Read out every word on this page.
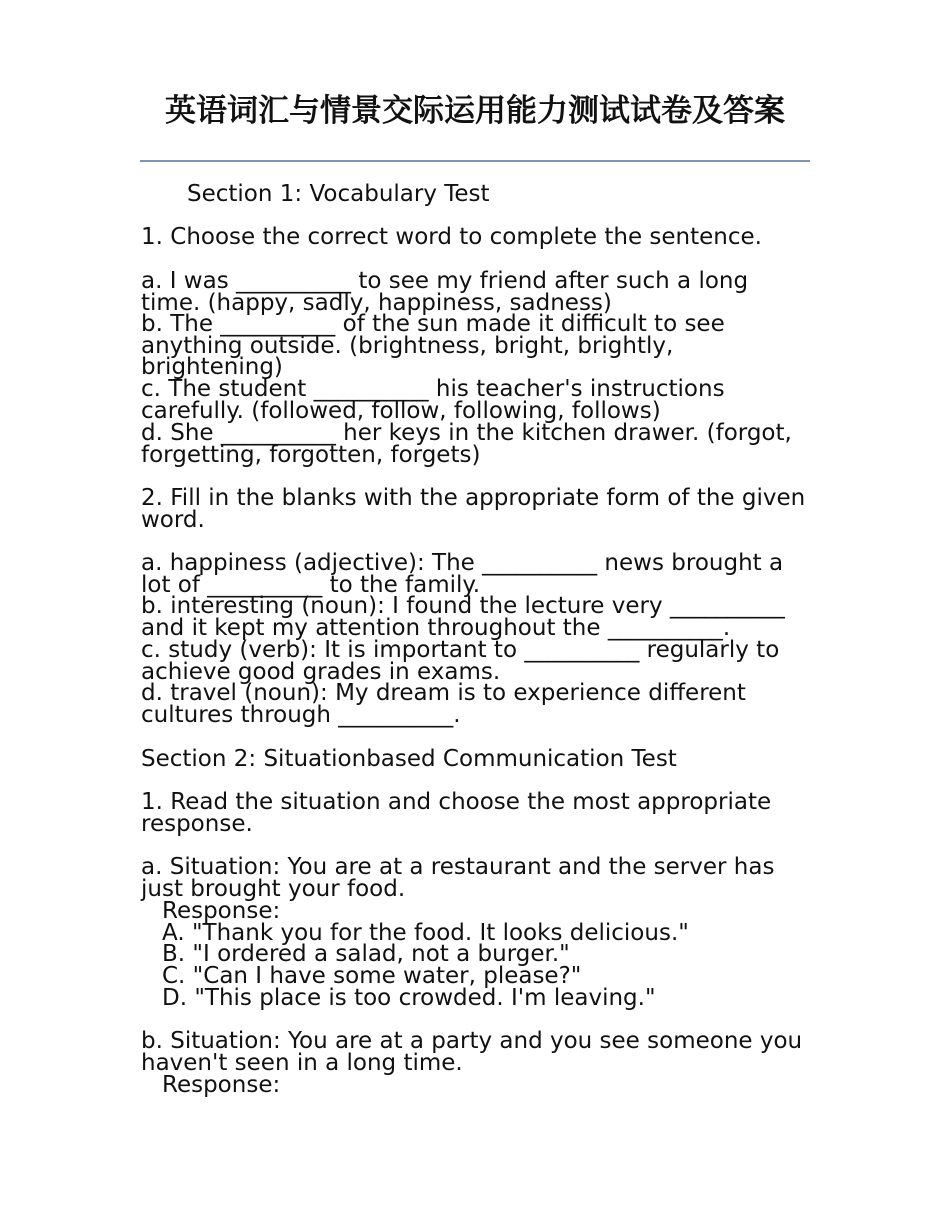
英语词汇与情景交际运用能力测试试卷及答案
Section 1: Vocabulary Test
1. Choose the correct word to complete the sentence.
a. I was __________ to see my friend after such a long time. (happy, sadly, happiness, sadness)
b. The __________ of the sun made it difficult to see anything outside. (brightness, bright, brightly, brightening)
c. The student __________ his teacher's instructions carefully. (followed, follow, following, follows)
d. She __________ her keys in the kitchen drawer. (forgot, forgetting, forgotten, forgets)
2. Fill in the blanks with the appropriate form of the given word.
a. happiness (adjective): The __________ news brought a lot of __________ to the family.
b. interesting (noun): I found the lecture very __________ and it kept my attention throughout the __________.
c. study (verb): It is important to __________ regularly to achieve good grades in exams.
d. travel (noun): My dream is to experience different cultures through __________.
Section 2: Situationbased Communication Test
1. Read the situation and choose the most appropriate response.
a. Situation: You are at a restaurant and the server has just brought your food.
Response:
A. "Thank you for the food. It looks delicious."
B. "I ordered a salad, not a burger."
C. "Can I have some water, please?"
D. "This place is too crowded. I'm leaving."
b. Situation: You are at a party and you see someone you haven't seen in a long time.
Response:
